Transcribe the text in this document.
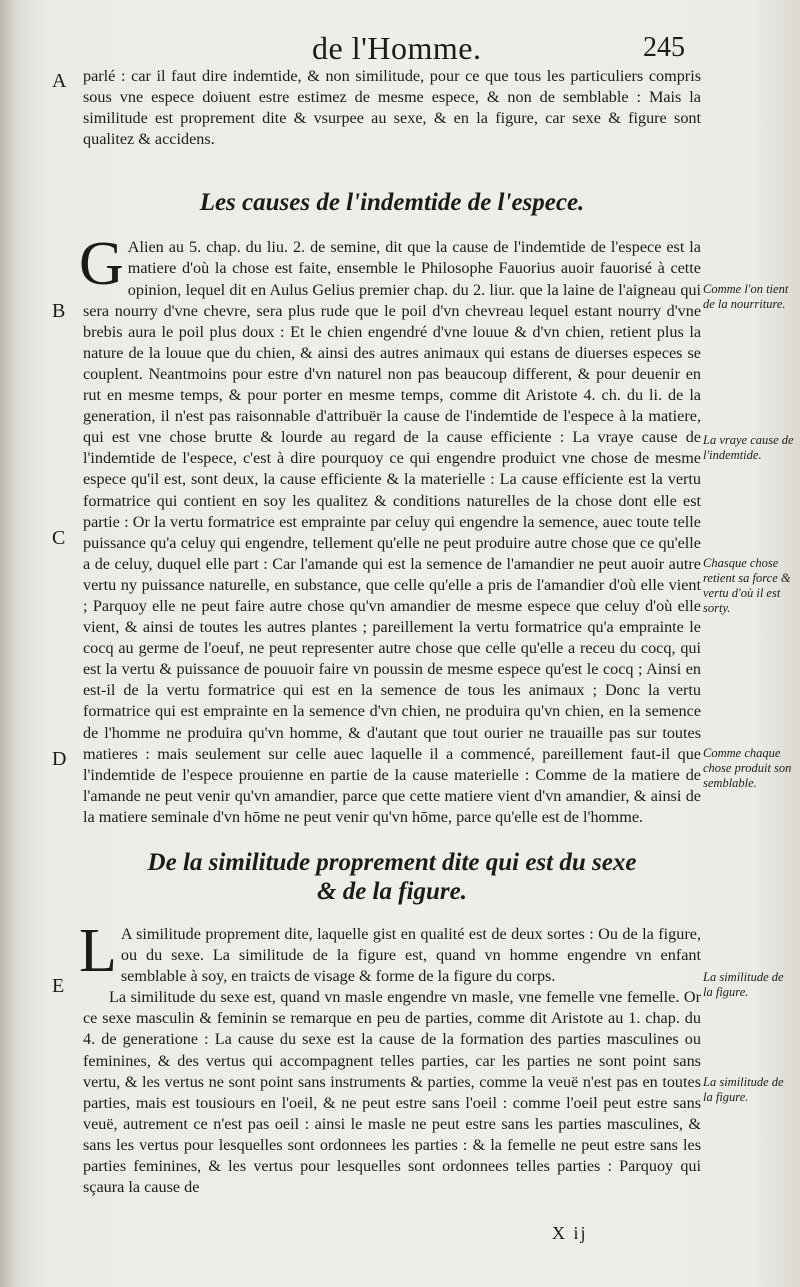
de l'Homme.	245
A
B
C
D
E

parlé : car il faut dire indemtide, & non similitude, pour ce que tous les particuliers compris sous vne espece doiuent estre estimez de mesme espece, & non de semblable : Mais la similitude est proprement dite & vsurpee au sexe, & en la figure, car sexe & figure sont qualitez & accidens.

Les causes de l'indemtide de l'espece.

G Alien au 5. chap. du liu. 2. de semine, dit que la cause de l'indemtide de l'espece est la matiere d'où la chose est faite, ensemble le Philosophe Fauorius auoir fauorisé à cette opinion, lequel dit en Aulus Gelius premier chap. du 2. liur. que la laine de l'aigneau qui sera nourry d'vne chevre, sera plus rude que le poil d'vn chevreau lequel estant nourry d'vne brebis aura le poil plus doux : Et le chien engendré d'vne louue & d'vn chien, retient plus la nature de la louue que du chien, & ainsi des autres animaux qui estans de diuerses especes se couplent. Neantmoins pour estre d'vn naturel non pas beaucoup different, & pour deuenir en rut en mesme temps, & pour porter en mesme temps, comme dit Aristote 4. ch. du li. de la generation, il n'est pas raisonnable d'attribuër la cause de l'indemtide de l'espece à la matiere, qui est vne chose brutte & lourde au regard de la cause efficiente : La vraye cause de l'indemtide de l'espece, c'est à dire pourquoy ce qui engendre produict vne chose de mesme espece qu'il est, sont deux, la cause efficiente & la materielle : La cause efficiente est la vertu formatrice qui contient en soy les qualitez & conditions naturelles de la chose dont elle est partie : Or la vertu formatrice est emprainte par celuy qui engendre la semence, auec toute telle puissance qu'a celuy qui engendre, tellement qu'elle ne peut produire autre chose que ce qu'elle a de celuy, duquel elle part : Car l'amande qui est la semence de l'amandier ne peut auoir autre vertu ny puissance naturelle, en substance, que celle qu'elle a pris de l'amandier d'où elle vient ; Parquoy elle ne peut faire autre chose qu'vn amandier de mesme espece que celuy d'où elle vient, & ainsi de toutes les autres plantes ; pareillement la vertu formatrice qu'a emprainte le cocq au germe de l'oeuf, ne peut representer autre chose que celle qu'elle a receu du cocq, qui est la vertu & puissance de pouuoir faire vn poussin de mesme espece qu'est le cocq ; Ainsi en est-il de la vertu formatrice qui est en la semence de tous les animaux ; Donc la vertu formatrice qui est emprainte en la semence d'vn chien, ne produira qu'vn chien, en la semence de l'homme ne produira qu'vn homme, & d'autant que tout ourier ne trauaille pas sur toutes matieres : mais seulement sur celle auec laquelle il a commencé, pareillement faut-il que l'indemtide de l'espece prouienne en partie de la cause materielle : Comme de la matiere de l'amande ne peut venir qu'vn amandier, parce que cette matiere vient d'vn amandier, & ainsi de la matiere seminale d'vn hōme ne peut venir qu'vn hōme, parce qu'elle est de l'homme.

De la similitude proprement dite qui est du sexe
& de la figure.

L A similitude proprement dite, laquelle gist en qualité est de deux sortes : Ou de la figure, ou du sexe. La similitude de la figure est, quand vn homme engendre vn enfant semblable à soy, en traicts de visage & forme de la figure du corps.

La similitude du sexe est, quand vn masle engendre vn masle, vne femelle vne femelle. Or ce sexe masculin & feminin se remarque en peu de parties, comme dit Aristote au 1. chap. du 4. de generatione : La cause du sexe est la cause de la formation des parties masculines ou feminines, & des vertus qui accompagnent telles parties, car les parties ne sont point sans vertu, & les vertus ne sont point sans instruments & parties, comme la veuë n'est pas en toutes parties, mais est tousiours en l'oeil, & ne peut estre sans l'oeil : comme l'oeil peut estre sans veuë, autrement ce n'est pas oeil : ainsi le masle ne peut estre sans les parties masculines, & sans les vertus pour lesquelles sont ordonnees les parties : & la femelle ne peut estre sans les parties feminines, & les vertus pour lesquelles sont ordonnees telles parties : Parquoy qui sçaura la cause de

Comme l'on tient de la nourriture.
La vraye cause de l'indemtide.
Chasque chose retient sa force & vertu d'où il est sorty.
Comme chaque chose produit son semblable.
La similitude de la figure.
La similitude de la figure.
X ij
